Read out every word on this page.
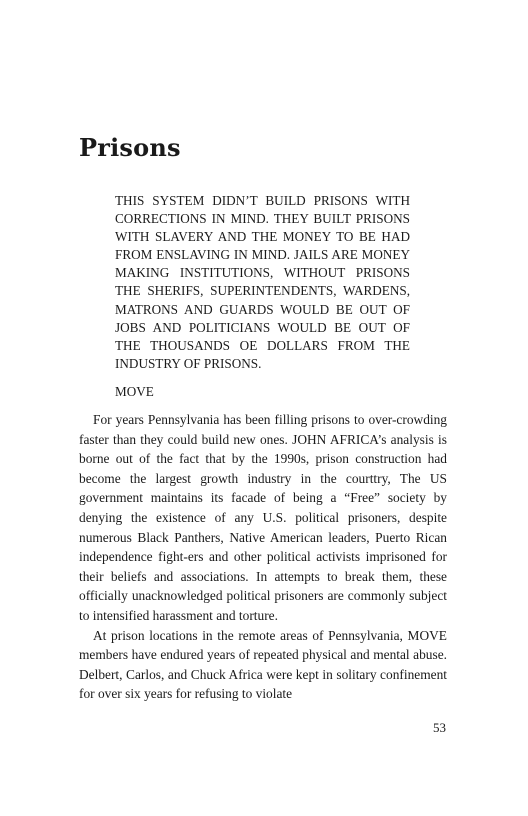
Prisons

THIS SYSTEM DIDN’T BUILD PRISONS WITH CORRECTIONS IN MIND. THEY BUILT PRISONS WITH SLAVERY AND THE MONEY TO BE HAD FROM ENSLAVING IN MIND. JAILS ARE MONEY MAKING INSTITUTIONS, WITHOUT PRISONS THE SHERIFS, SUPERINTENDENTS, WARDENS, MATRONS AND GUARDS WOULD BE OUT OF JOBS AND POLITICIANS WOULD BE OUT OF THE THOUSANDS OE DOLLARS FROM THE INDUSTRY OF PRISONS.

MOVE

For years Pennsylvania has been filling prisons to over-crowding faster than they could build new ones. JOHN AFRICA’s analysis is borne out of the fact that by the 1990s, prison construction had become the largest growth industry in the courttry, The US government maintains its facade of being a “Free” society by denying the existence of any U.S. political prisoners, despite numerous Black Panthers, Native American leaders, Puerto Rican independence fight-ers and other political activists imprisoned for their beliefs and associations. In attempts to break them, these officially unacknowledged political prisoners are commonly subject to intensified harassment and torture.

At prison locations in the remote areas of Pennsylvania, MOVE members have endured years of repeated physical and mental abuse. Delbert, Carlos, and Chuck Africa were kept in solitary confinement for over six years for refusing to violate

53
